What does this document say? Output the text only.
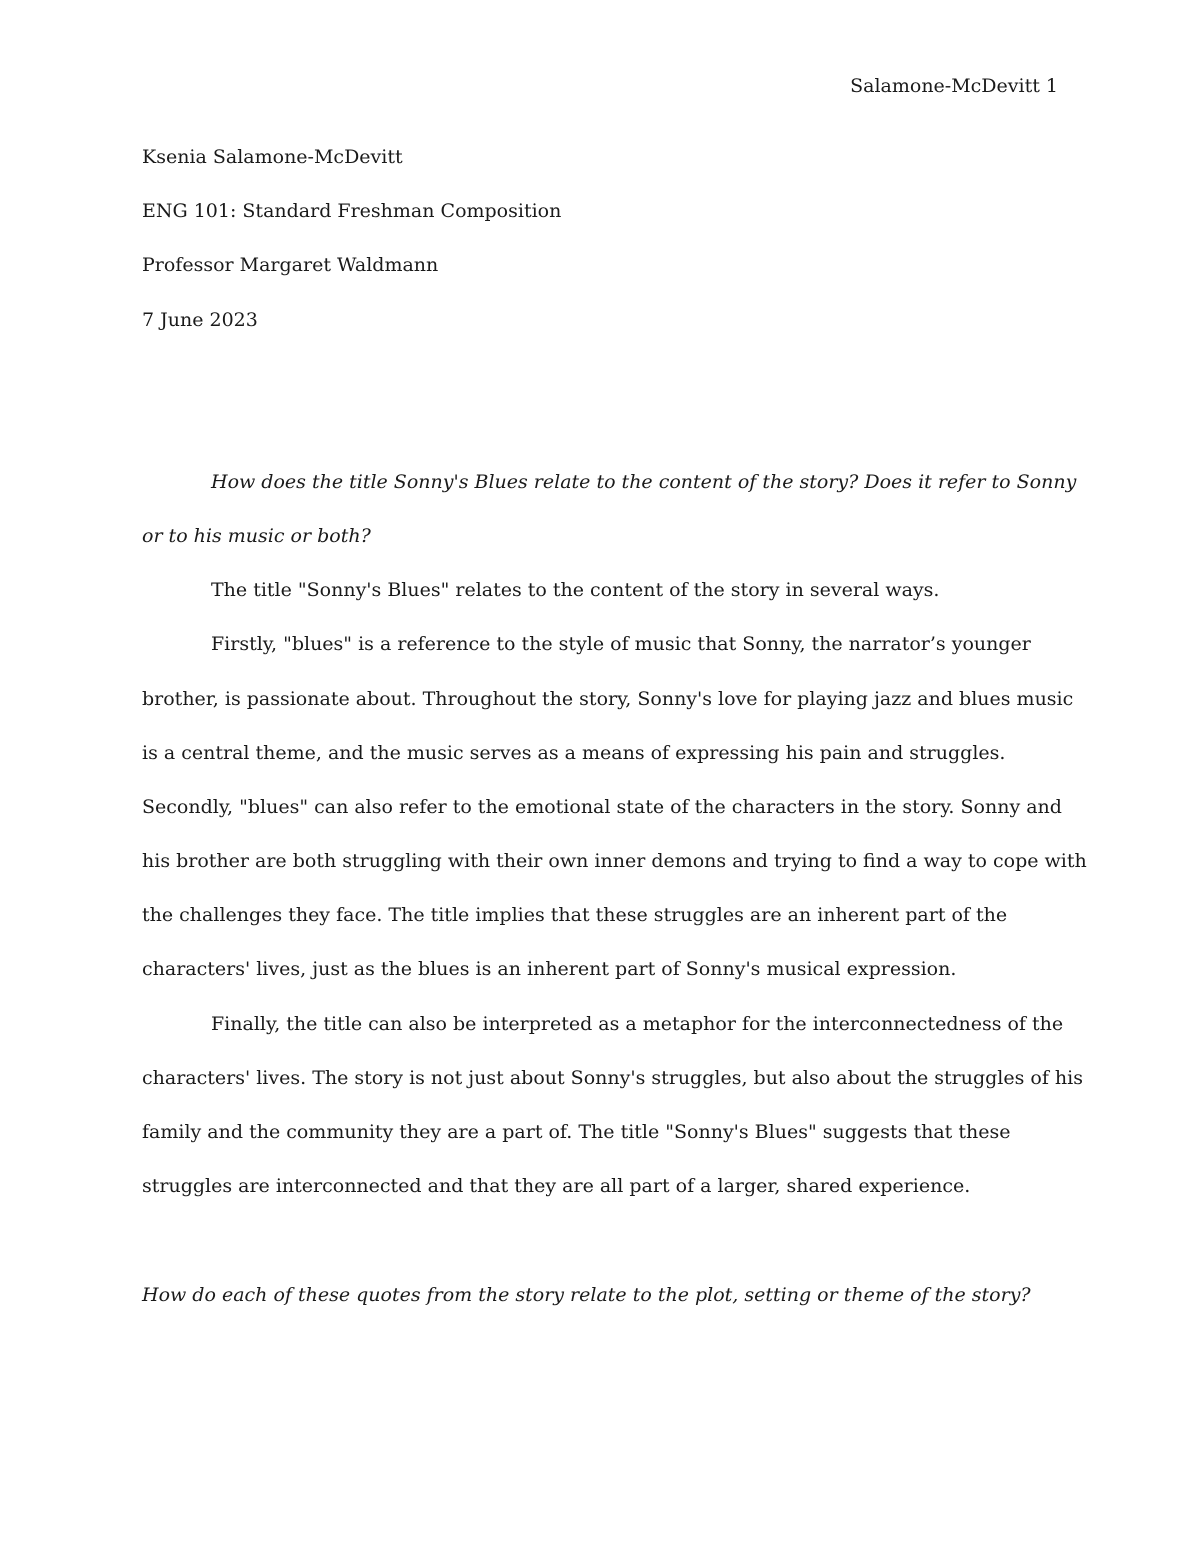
Salamone-McDevitt 1

Ksenia Salamone-McDevitt

ENG 101: Standard Freshman Composition

Professor Margaret Waldmann

7 June 2023

How does the title Sonny's Blues relate to the content of the story? Does it refer to Sonny

or to his music or both?

The title "Sonny's Blues" relates to the content of the story in several ways.

Firstly, "blues" is a reference to the style of music that Sonny, the narrator’s younger

brother, is passionate about. Throughout the story, Sonny's love for playing jazz and blues music

is a central theme, and the music serves as a means of expressing his pain and struggles.

Secondly, "blues" can also refer to the emotional state of the characters in the story. Sonny and

his brother are both struggling with their own inner demons and trying to find a way to cope with

the challenges they face. The title implies that these struggles are an inherent part of the

characters' lives, just as the blues is an inherent part of Sonny's musical expression.

Finally, the title can also be interpreted as a metaphor for the interconnectedness of the

characters' lives. The story is not just about Sonny's struggles, but also about the struggles of his

family and the community they are a part of. The title "Sonny's Blues" suggests that these

struggles are interconnected and that they are all part of a larger, shared experience.

How do each of these quotes from the story relate to the plot, setting or theme of the story?
